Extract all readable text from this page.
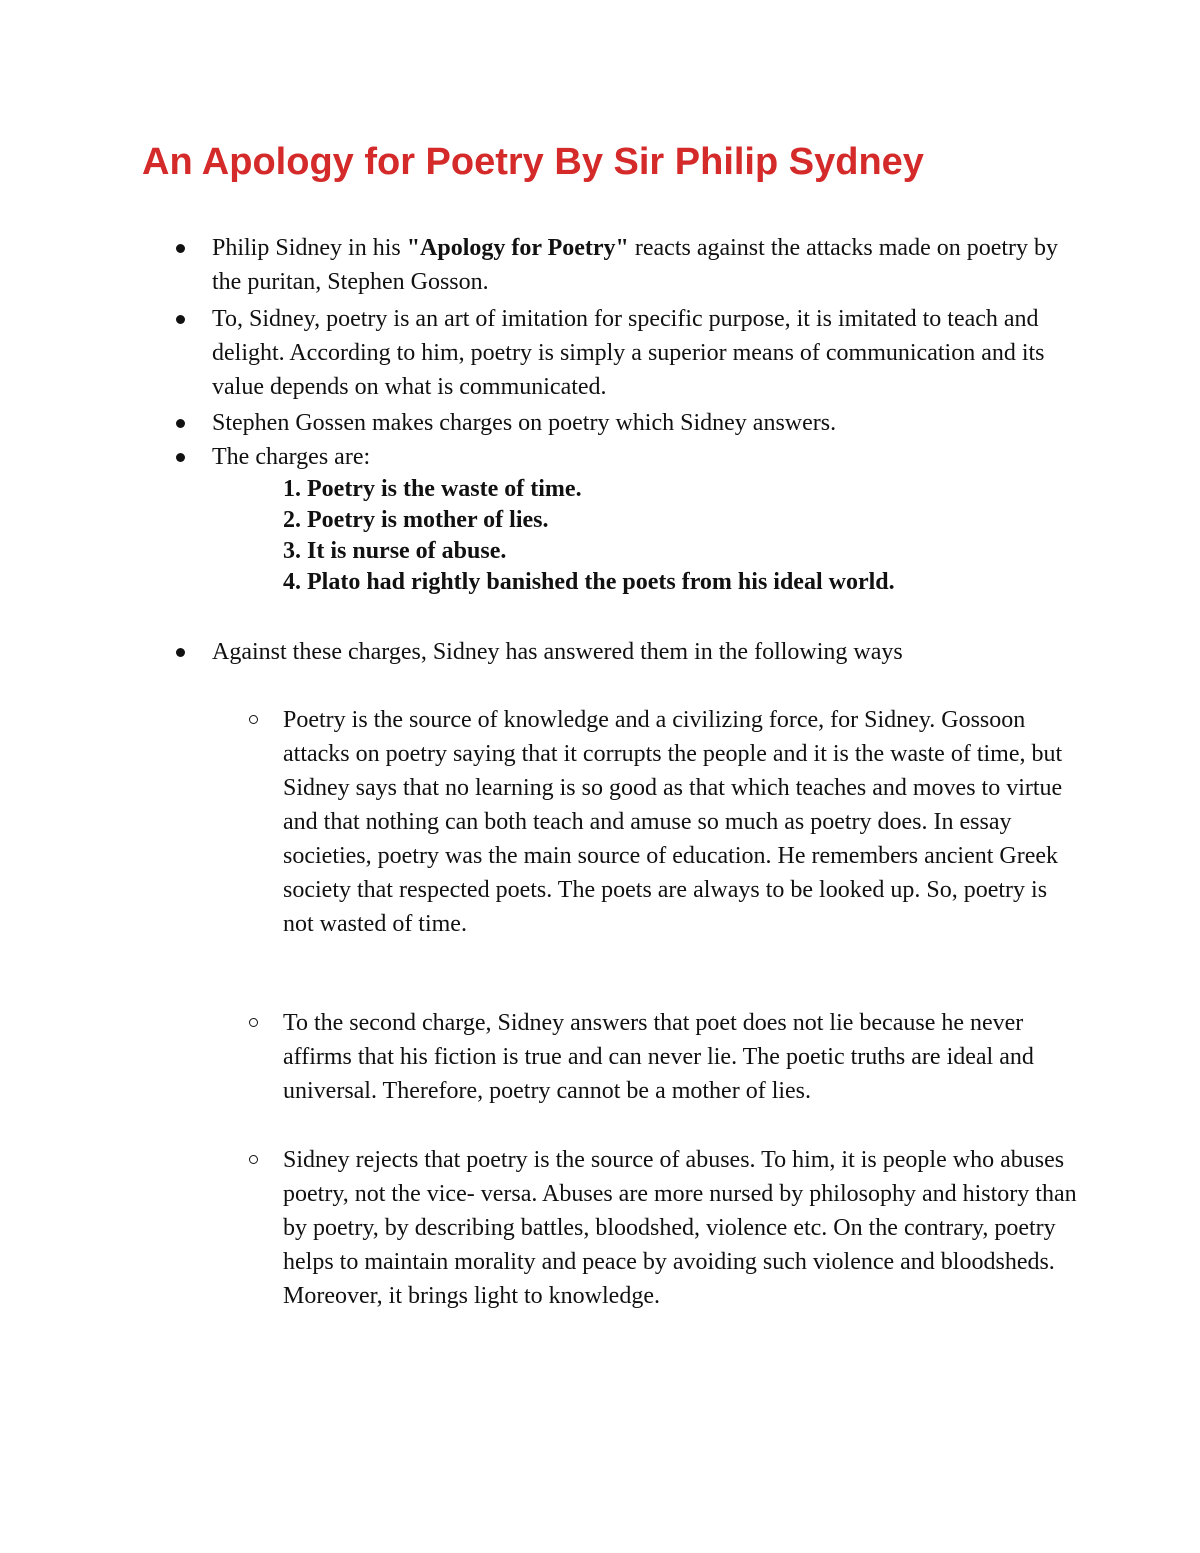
An Apology for Poetry By Sir Philip Sydney

Philip Sidney in his "Apology for Poetry" reacts against the attacks made on poetry by the puritan, Stephen Gosson.

To, Sidney, poetry is an art of imitation for specific purpose, it is imitated to teach and delight. According to him, poetry is simply a superior means of communication and its value depends on what is communicated.

Stephen Gossen makes charges on poetry which Sidney answers.

The charges are:

1. Poetry is the waste of time.
2. Poetry is mother of lies.
3. It is nurse of abuse.
4. Plato had rightly banished the poets from his ideal world.

Against these charges, Sidney has answered them in the following ways

Poetry is the source of knowledge and a civilizing force, for Sidney. Gossoon attacks on poetry saying that it corrupts the people and it is the waste of time, but Sidney says that no learning is so good as that which teaches and moves to virtue and that nothing can both teach and amuse so much as poetry does. In essay societies, poetry was the main source of education. He remembers ancient Greek society that respected poets. The poets are always to be looked up. So, poetry is not wasted of time.

To the second charge, Sidney answers that poet does not lie because he never affirms that his fiction is true and can never lie. The poetic truths are ideal and universal. Therefore, poetry cannot be a mother of lies.

Sidney rejects that poetry is the source of abuses. To him, it is people who abuses poetry, not the vice- versa. Abuses are more nursed by philosophy and history than by poetry, by describing battles, bloodshed, violence etc. On the contrary, poetry helps to maintain morality and peace by avoiding such violence and bloodsheds. Moreover, it brings light to knowledge.
